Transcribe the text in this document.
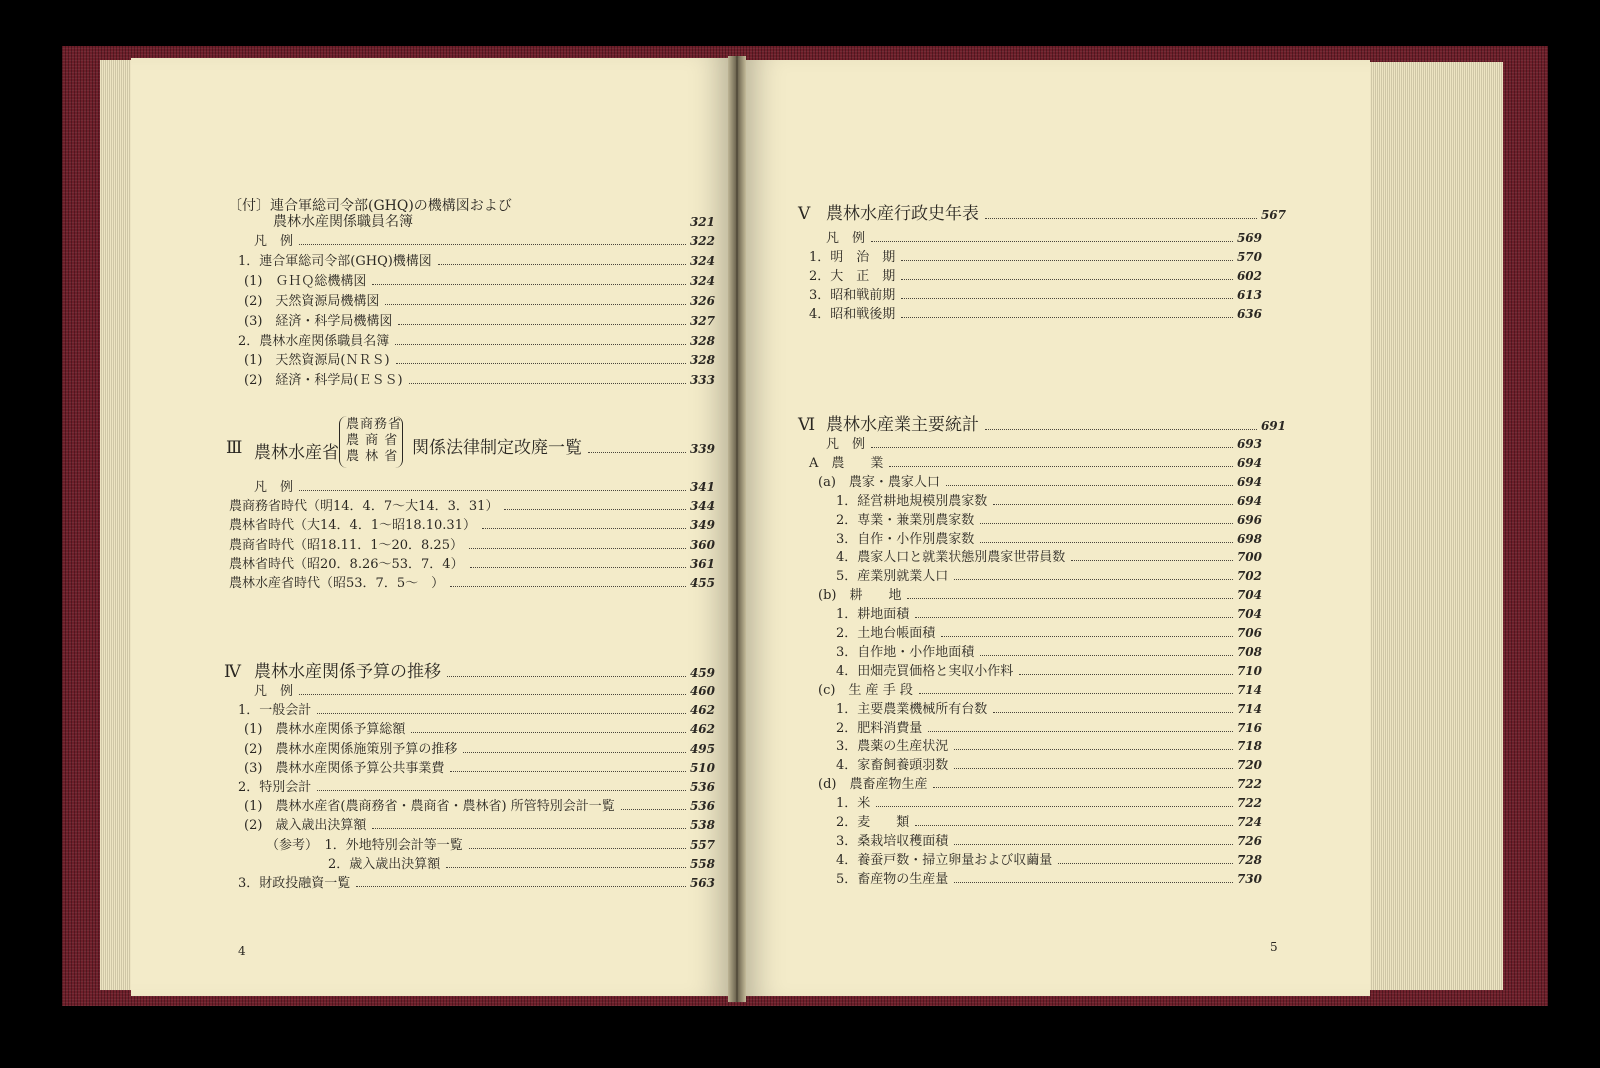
〔付〕連合軍総司令部(GHQ)の機構図および
農林水産関係職員名簿	321
凡　例	322
1．連合軍総司令部(GHQ)機構図	324
(1)　ＧＨＱ総機構図	324
(2)　天然資源局機構図	326
(3)　経済・科学局機構図	327
2．農林水産関係職員名簿	328
(1)　天然資源局(ＮＲＳ)	328
(2)　経済・科学局(ＥＳＳ)	333
Ⅲ 農林水産省
農商務省
農 商 省
農 林 省 関係法律制定改廃一覧	339
凡　例	341
農商務省時代（明14．4．7～大14．3．31）	344
農林省時代（大14．4．1～昭18.10.31）	349
農商省時代（昭18.11．1～20．8.25）	360
農林省時代（昭20．8.26～53．7．4）	361
農林水産省時代（昭53．7．5～　）	455
Ⅳ 農林水産関係予算の推移	459
凡　例	460
1．一般会計	462
(1)　農林水産関係予算総額	462
(2)　農林水産関係施策別予算の推移	495
(3)　農林水産関係予算公共事業費	510
2．特別会計	536
(1)　農林水産省(農商務省・農商省・農林省) 所管特別会計一覧	536
(2)　歳入歳出決算額	538
（参考）　1．外地特別会計等一覧	557
2．歳入歳出決算額	558
3．財政投融資一覧	563
4
Ⅴ 農林水産行政史年表	567
凡　例	569
1．明　治　期	570
2．大　正　期	602
3．昭和戦前期	613
4．昭和戦後期	636
Ⅵ 農林水産業主要統計	691
凡　例	693
A　農　　業	694
(a)　農家・農家人口	694
1．経営耕地規模別農家数	694
2．専業・兼業別農家数	696
3．自作・小作別農家数	698
4．農家人口と就業状態別農家世帯員数	700
5．産業別就業人口	702
(b)　耕　　地	704
1．耕地面積	704
2．土地台帳面積	706
3．自作地・小作地面積	708
4．田畑売買価格と実収小作料	710
(c)　生 産 手 段	714
1．主要農業機械所有台数	714
2．肥料消費量	716
3．農薬の生産状況	718
4．家畜飼養頭羽数	720
(d)　農畜産物生産	722
1．米	722
2．麦　　類	724
3．桑栽培収穫面積	726
4．養蚕戸数・掃立卵量および収繭量	728
5．畜産物の生産量	730
5
